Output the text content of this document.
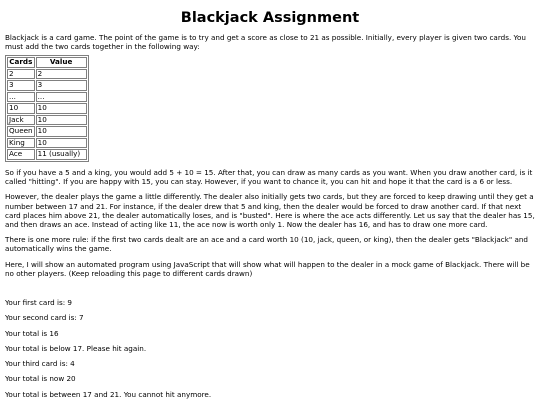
Blackjack Assignment

Blackjack is a card game. The point of the game is to try and get a score as close to 21 as possible. Initially, every player is given two cards. You must add the two cards together in the following way:

Cards	Value
2	2
3	3
...	...
10	10
Jack	10
Queen	10
King	10
Ace	11 (usually)

So if you have a 5 and a king, you would add 5 + 10 = 15. After that, you can draw as many cards as you want. When you draw another card, is it called "hitting". If you are happy with 15, you can stay. However, if you want to chance it, you can hit and hope it that the card is a 6 or less.

However, the dealer plays the game a little differently. The dealer also initially gets two cards, but they are forced to keep drawing until they get a number between 17 and 21. For instance, if the dealer drew that 5 and king, then the dealer would be forced to draw another card. If that next card places him above 21, the dealer automatically loses, and is "busted". Here is where the ace acts differently. Let us say that the dealer has 15, and then draws an ace. Instead of acting like 11, the ace now is worth only 1. Now the dealer has 16, and has to draw one more card.

There is one more rule: if the first two cards dealt are an ace and a card worth 10 (10, jack, queen, or king), then the dealer gets "Blackjack" and automatically wins the game.

Here, I will show an automated program using JavaScript that will show what will happen to the dealer in a mock game of Blackjack. There will be no other players. (Keep reloading this page to different cards drawn)

Your first card is: 9

Your second card is: 7

Your total is 16

Your total is below 17. Please hit again.

Your third card is: 4

Your total is now 20

Your total is between 17 and 21. You cannot hit anymore.
